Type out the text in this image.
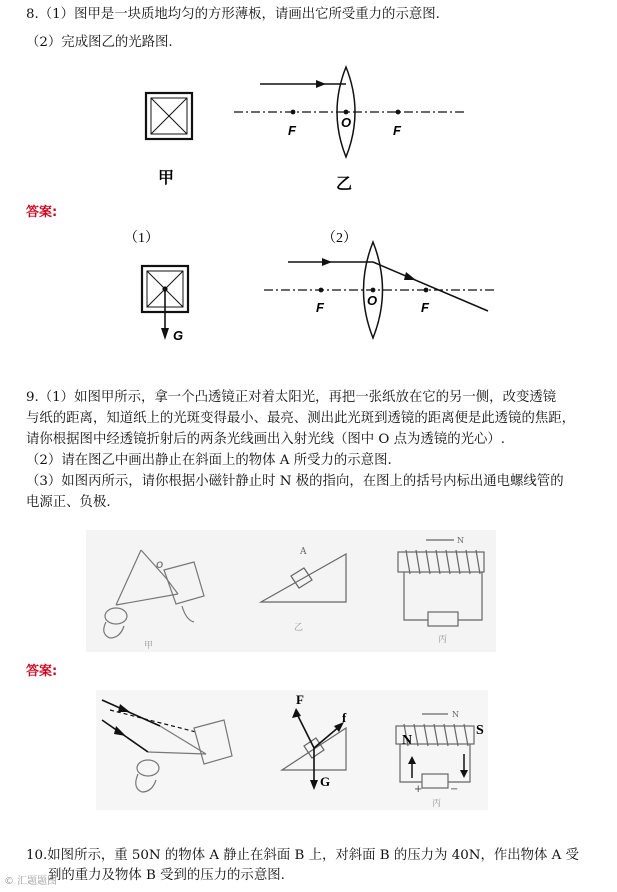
8.（1）图甲是一块质地均匀的方形薄板，请画出它所受重力的示意图.
（2）完成图乙的光路图.
甲
F
O
F
乙
答案:
（1）
G
（2）
F	O	F
9.（1）如图甲所示，拿一个凸透镜正对着太阳光，再把一张纸放在它的另一侧，改变透镜
与纸的距离，知道纸上的光斑变得最小、最亮、测出此光斑到透镜的距离便是此透镜的焦距，
请你根据图中经透镜折射后的两条光线画出入射光线（图中 O 点为透镜的光心）.
（2）请在图乙中画出静止在斜面上的物体 A 所受力的示意图.
（3）如图丙所示，请你根据小磁针静止时 N 极的指向，在图上的括号内标出通电螺线管的
电源正、负极.
O
甲
A
乙
N
丙
答案:
F
f
G
N
N
S
+	−
丙
10.如图所示，重 50N 的物体 A 静止在斜面 B 上，对斜面 B 的压力为 40N，作出物体 A 受
到的重力及物体 B 受到的压力的示意图.
© 汇题题图
